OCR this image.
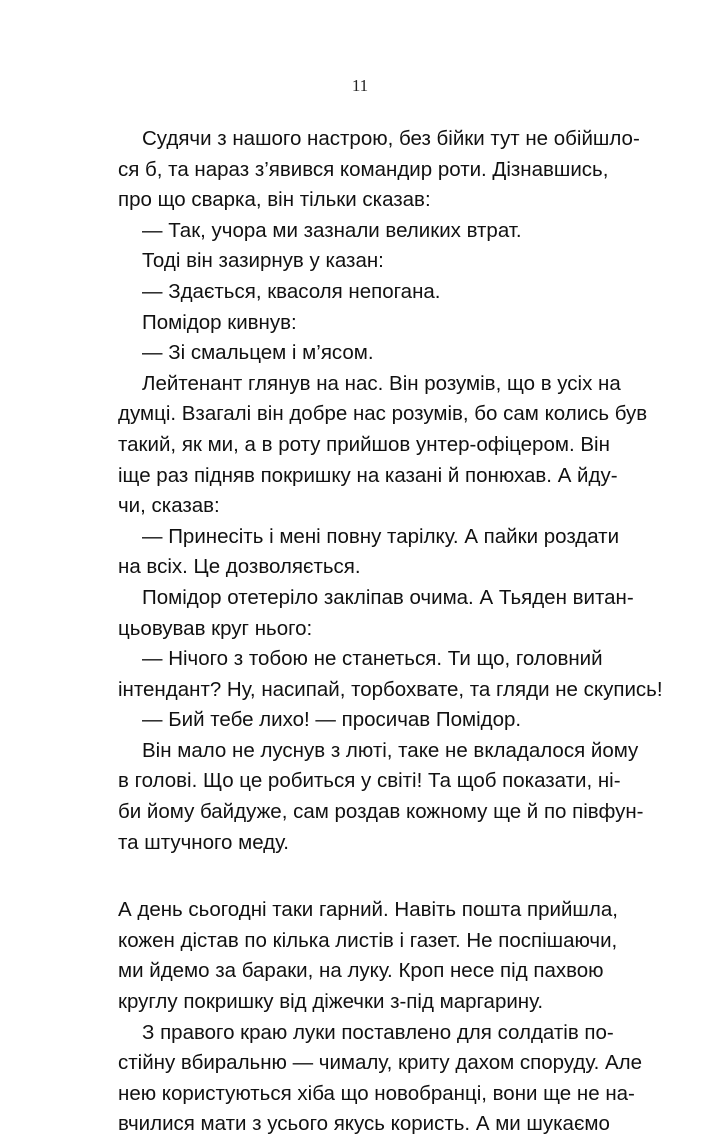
11
Судячи з нашого настрою, без бійки тут не обійшло-
ся б, та нараз з’явився командир роти. Дізнавшись,
про що сварка, він тільки сказав:
— Так, учора ми зазнали великих втрат.
Тоді він зазирнув у казан:
— Здається, квасоля непогана.
Помідор кивнув:
— Зі смальцем і м’ясом.
Лейтенант глянув на нас. Він розумів, що в усіх на
думці. Взагалі він добре нас розумів, бо сам колись був
такий, як ми, а в роту прийшов унтер-офіцером. Він
іще раз підняв покришку на казані й понюхав. А йду-
чи, сказав:
— Принесіть і мені повну тарілку. А пайки роздати
на всіх. Це дозволяється.
Помідор отетеріло закліпав очима. А Тьяден витан-
цьовував круг нього:
— Нічого з тобою не станеться. Ти що, головний
інтендант? Ну, насипай, торбохвате, та гляди не скупись!
— Бий тебе лихо! — просичав Помідор.
Він мало не луснув з люті, таке не вкладалося йому
в голові. Що це робиться у світі! Та щоб показати, ні-
би йому байдуже, сам роздав кожному ще й по півфун-
та штучного меду.
А день сьогодні таки гарний. Навіть пошта прийшла,
кожен дістав по кілька листів і газет. Не поспішаючи,
ми йдемо за бараки, на луку. Кроп несе під пахвою
круглу покришку від діжечки з-під маргарину.
З правого краю луки поставлено для солдатів по-
стійну вбиральню — чималу, криту дахом споруду. Але
нею користуються хіба що новобранці, вони ще не на-
вчилися мати з усього якусь користь. А ми шукаємо
